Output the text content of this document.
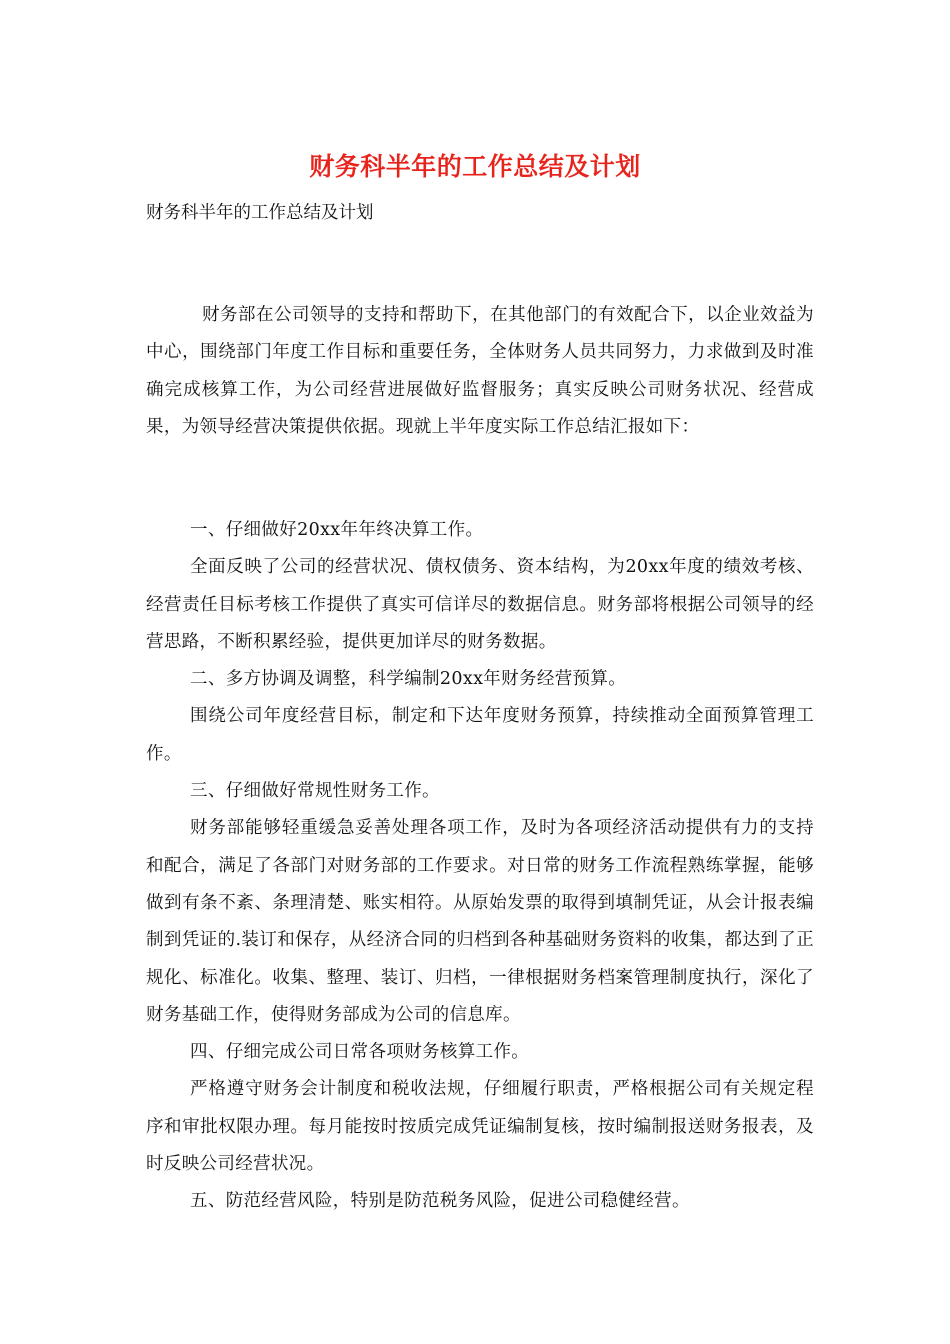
财务科半年的工作总结及计划
财务科半年的工作总结及计划

财务部在公司领导的支持和帮助下，在其他部门的有效配合下，以企业效益为中心，围绕部门年度工作目标和重要任务，全体财务人员共同努力，力求做到及时准确完成核算工作，为公司经营进展做好监督服务；真实反映公司财务状况、经营成果，为领导经营决策提供依据。现就上半年度实际工作总结汇报如下：

一、仔细做好20xx年年终决算工作。

全面反映了公司的经营状况、债权债务、资本结构，为20xx年度的绩效考核、经营责任目标考核工作提供了真实可信详尽的数据信息。财务部将根据公司领导的经营思路，不断积累经验，提供更加详尽的财务数据。

二、多方协调及调整，科学编制20xx年财务经营预算。

围绕公司年度经营目标，制定和下达年度财务预算，持续推动全面预算管理工作。

三、仔细做好常规性财务工作。

财务部能够轻重缓急妥善处理各项工作，及时为各项经济活动提供有力的支持和配合，满足了各部门对财务部的工作要求。对日常的财务工作流程熟练掌握，能够做到有条不紊、条理清楚、账实相符。从原始发票的取得到填制凭证，从会计报表编制到凭证的.装订和保存，从经济合同的归档到各种基础财务资料的收集，都达到了正规化、标准化。收集、整理、装订、归档，一律根据财务档案管理制度执行，深化了财务基础工作，使得财务部成为公司的信息库。

四、仔细完成公司日常各项财务核算工作。

严格遵守财务会计制度和税收法规，仔细履行职责，严格根据公司有关规定程序和审批权限办理。每月能按时按质完成凭证编制复核，按时编制报送财务报表，及时反映公司经营状况。

五、防范经营风险，特别是防范税务风险，促进公司稳健经营。
